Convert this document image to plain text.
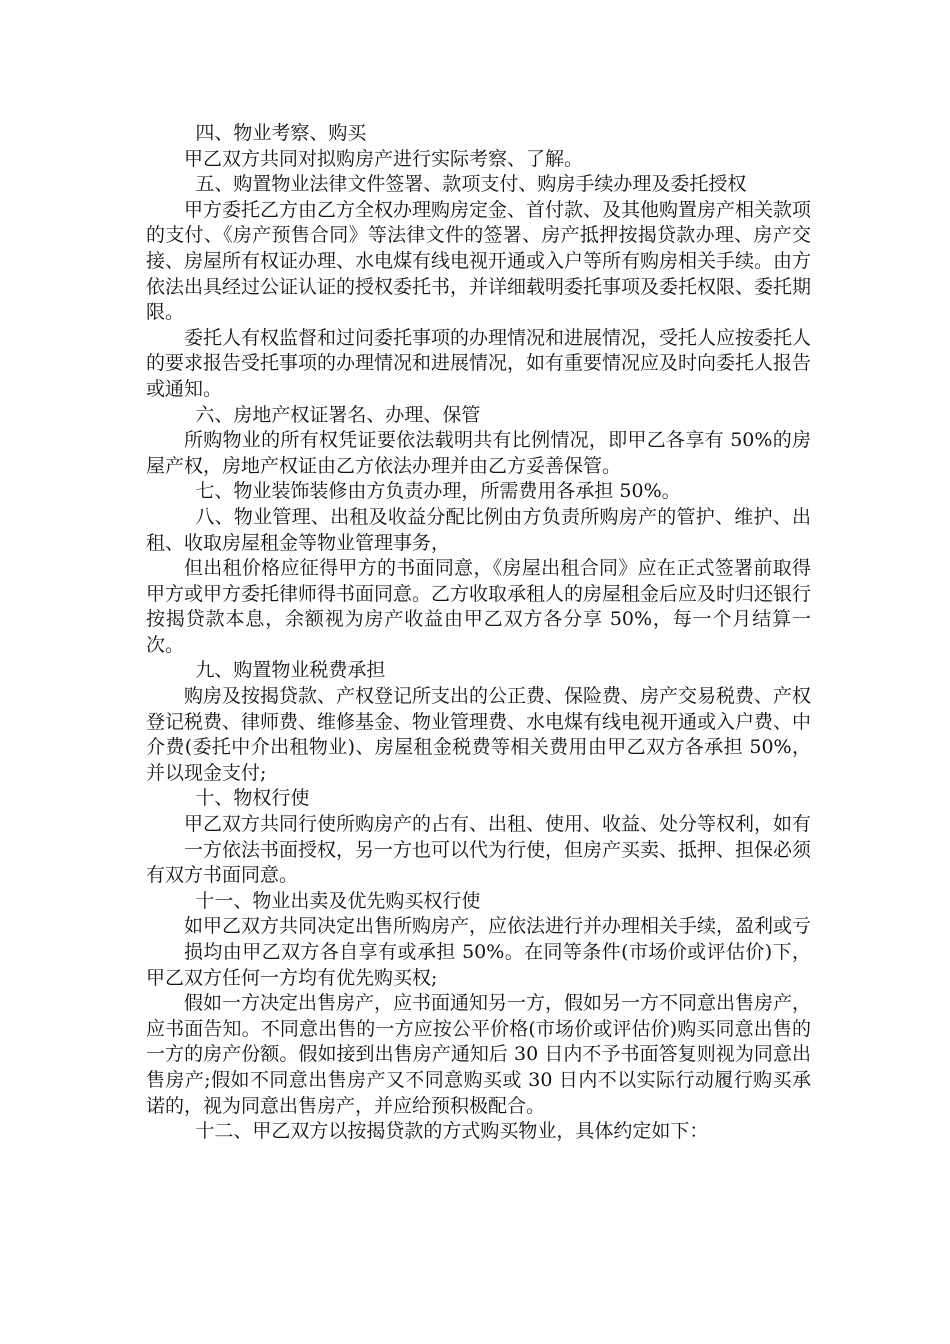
四、物业考察、购买

甲乙双方共同对拟购房产进行实际考察、了解。

五、购置物业法律文件签署、款项支付、购房手续办理及委托授权

甲方委托乙方由乙方全权办理购房定金、首付款、及其他购置房产相关款项的支付、《房产预售合同》等法律文件的签署、房产抵押按揭贷款办理、房产交接、房屋所有权证办理、水电煤有线电视开通或入户等所有购房相关手续。由方依法出具经过公证认证的授权委托书，并详细载明委托事项及委托权限、委托期限。

委托人有权监督和过问委托事项的办理情况和进展情况，受托人应按委托人的要求报告受托事项的办理情况和进展情况，如有重要情况应及时向委托人报告或通知。

六、房地产权证署名、办理、保管

所购物业的所有权凭证要依法载明共有比例情况，即甲乙各享有 50%的房屋产权，房地产权证由乙方依法办理并由乙方妥善保管。

七、物业装饰装修由方负责办理，所需费用各承担 50%。

八、物业管理、出租及收益分配比例由方负责所购房产的管护、维护、出租、收取房屋租金等物业管理事务，

但出租价格应征得甲方的书面同意，《房屋出租合同》应在正式签署前取得甲方或甲方委托律师得书面同意。乙方收取承租人的房屋租金后应及时归还银行按揭贷款本息，余额视为房产收益由甲乙双方各分享 50%，每一个月结算一次。

九、购置物业税费承担

购房及按揭贷款、产权登记所支出的公正费、保险费、房产交易税费、产权登记税费、律师费、维修基金、物业管理费、水电煤有线电视开通或入户费、中介费(委托中介出租物业)、房屋租金税费等相关费用由甲乙双方各承担 50%，并以现金支付;

十、物权行使

甲乙双方共同行使所购房产的占有、出租、使用、收益、处分等权利，如有

一方依法书面授权，另一方也可以代为行使，但房产买卖、抵押、担保必须有双方书面同意。

十一、物业出卖及优先购买权行使

如甲乙双方共同决定出售所购房产，应依法进行并办理相关手续，盈利或亏

损均由甲乙双方各自享有或承担 50%。在同等条件(市场价或评估价)下，甲乙双方任何一方均有优先购买权;

假如一方决定出售房产，应书面通知另一方，假如另一方不同意出售房产，应书面告知。不同意出售的一方应按公平价格(市场价或评估价)购买同意出售的一方的房产份额。假如接到出售房产通知后 30 日内不予书面答复则视为同意出售房产;假如不同意出售房产又不同意购买或 30 日内不以实际行动履行购买承诺的，视为同意出售房产，并应给预积极配合。

十二、甲乙双方以按揭贷款的方式购买物业，具体约定如下：
